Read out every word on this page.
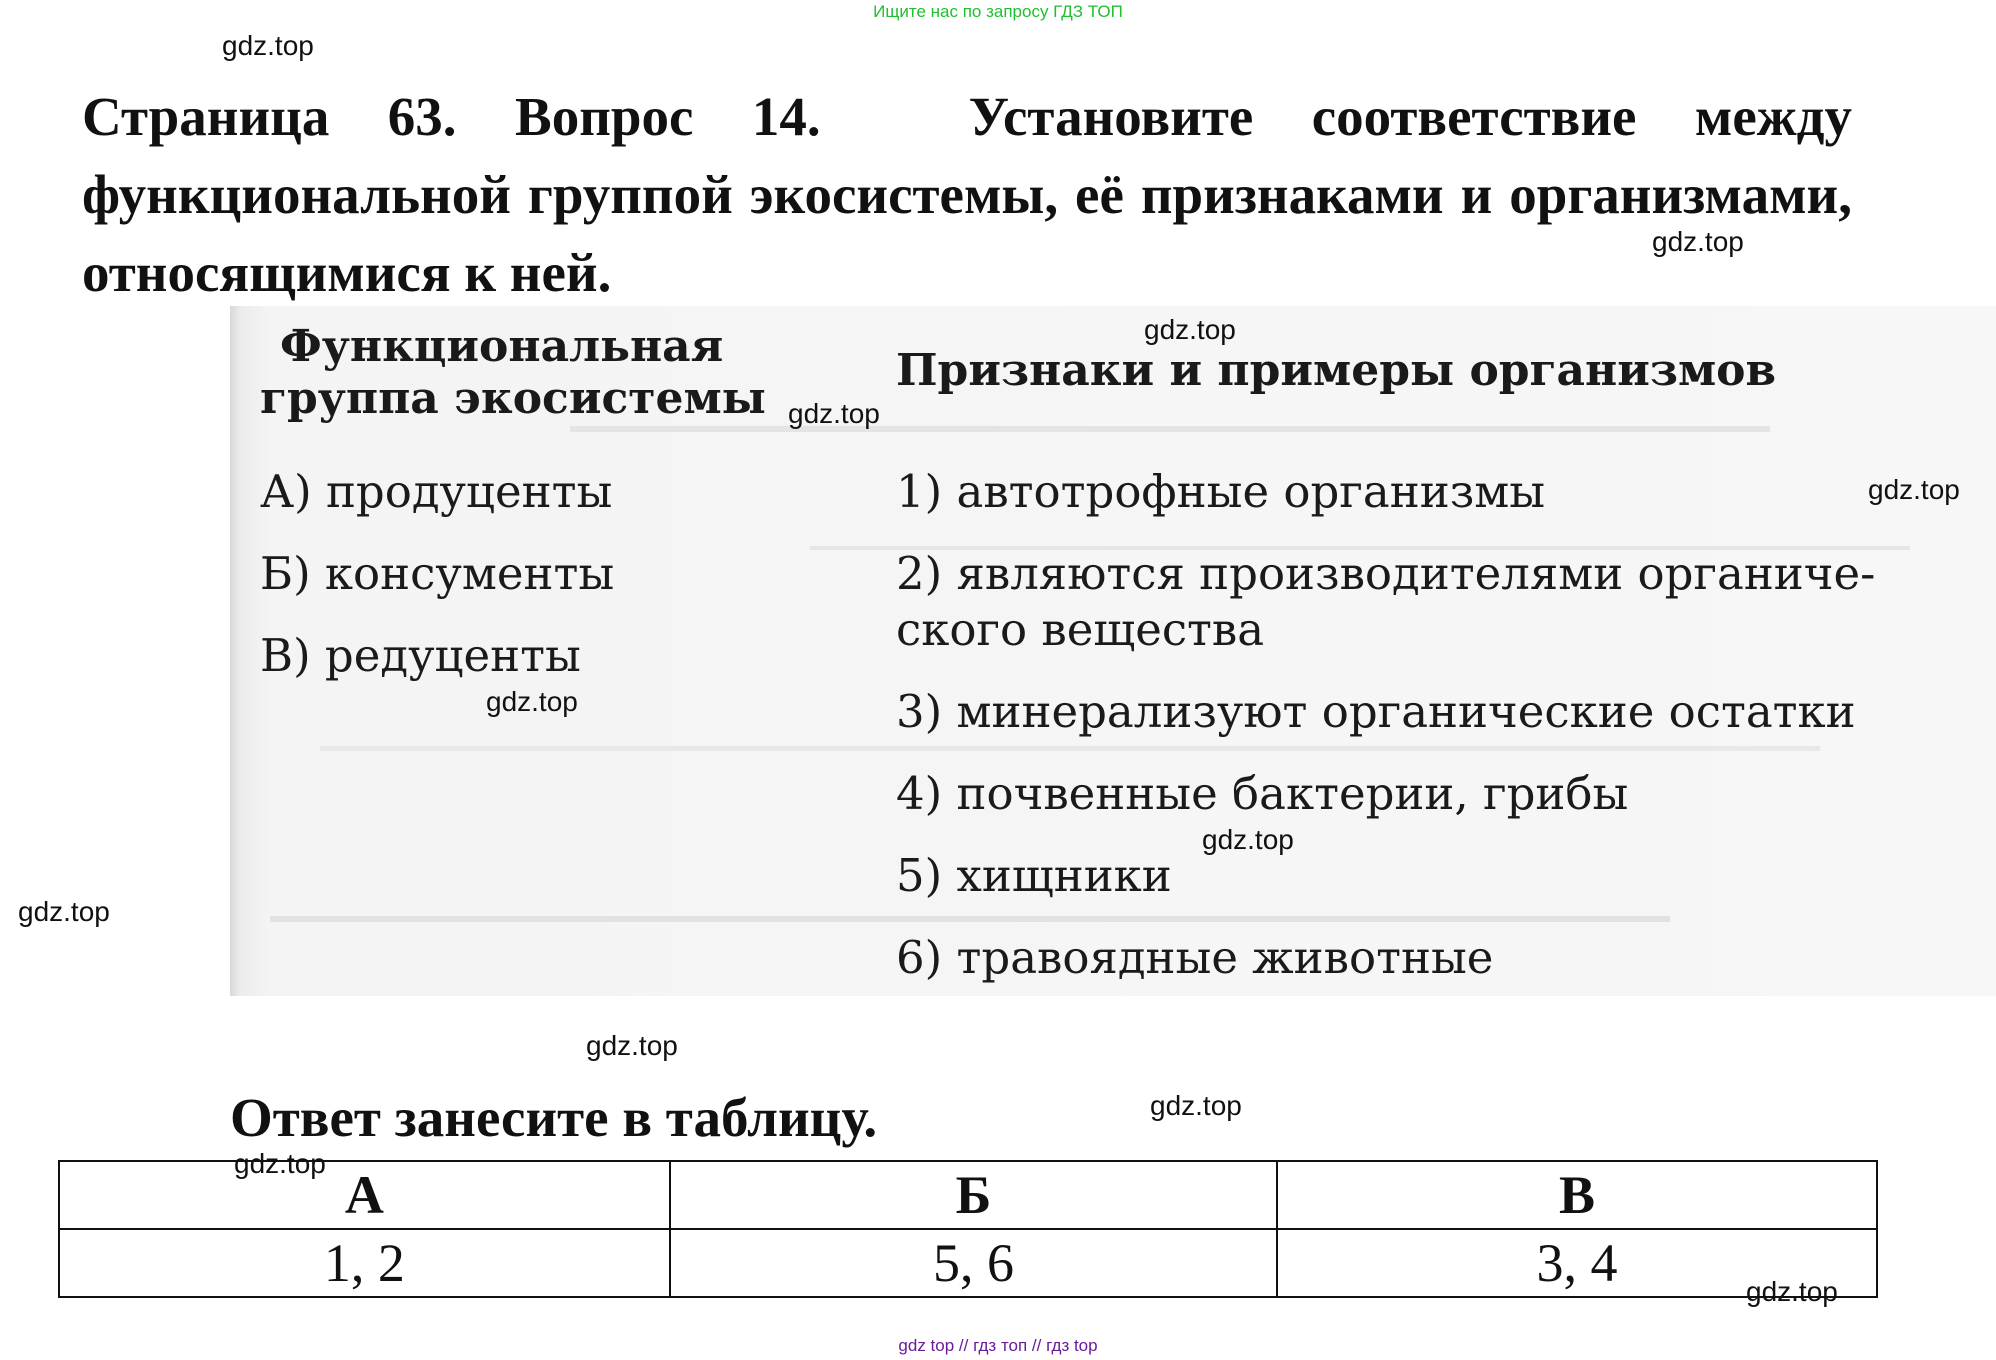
Ищите нас по запросу ГДЗ ТОП
Страница 63. Вопрос 14.	Установите соответствие между функциональной группой экосистемы, её признаками и организмами, относящимися к ней.
Функциональная
группа экосистемы
Признаки и примеры организмов
А) продуценты
Б) консументы
В) редуценты
1) автотрофные организмы
2) являются производителями органиче-
ского вещества
3) минерализуют органические остатки
4) почвенные бактерии, грибы
5) хищники
6) травоядные животные
Ответ занесите в таблицу.
А	Б	В
1, 2	5, 6	3, 4
gdz.top
gdz.top
gdz.top
gdz.top
gdz.top
gdz.top
gdz.top
gdz.top
gdz.top
gdz.top
gdz.top
gdz.top
gdz top // гдз топ // гдз top
